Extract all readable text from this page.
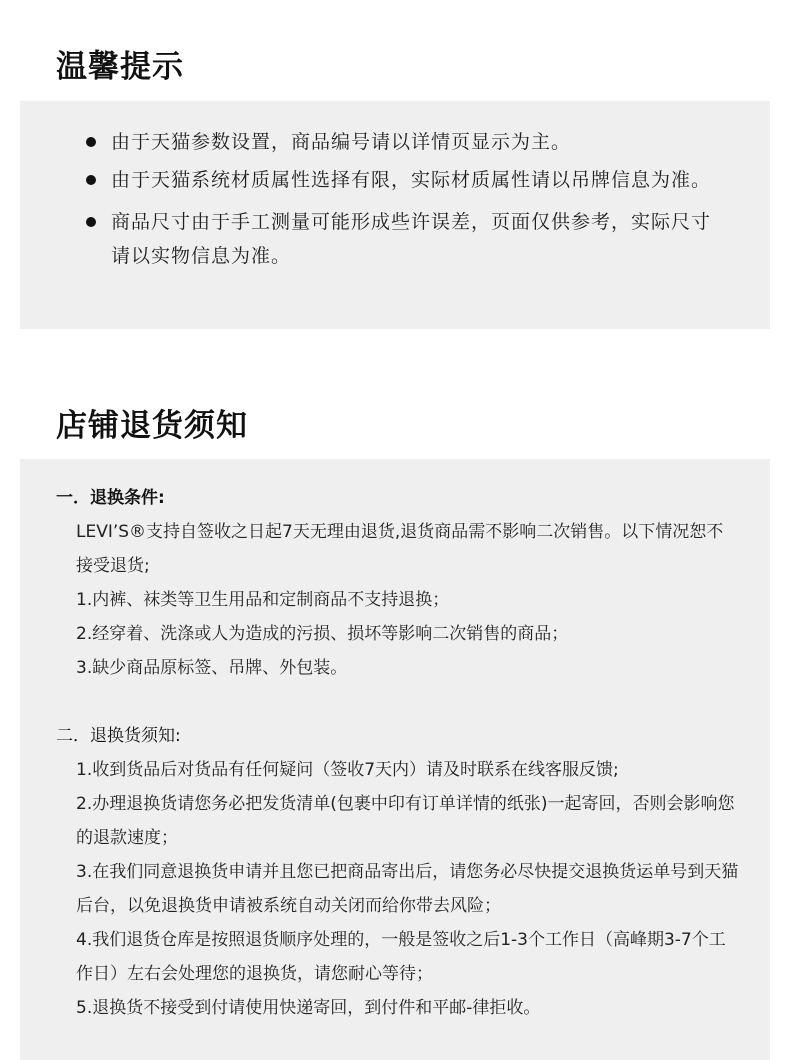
温馨提示
由于天猫参数设置，商品编号请以详情页显示为主。
由于天猫系统材质属性选择有限，实际材质属性请以吊牌信息为准。
商品尺寸由于手工测量可能形成些许误差，页面仅供参考，实际尺寸请以实物信息为准。
店铺退货须知

一．退换条件:

LEVI’S®支持自签收之日起7天无理由退货,退货商品需不影响二次销售。以下情况恕不接受退货;

1.内裤、袜类等卫生用品和定制商品不支持退换；

2.经穿着、洗涤或人为造成的污损、损坏等影响二次销售的商品；

3.缺少商品原标签、吊牌、外包装。

二．退换货须知:

1.收到货品后对货品有任何疑问（签收7天内）请及时联系在线客服反馈;

2.办理退换货请您务必把发货清单(包裹中印有订单详情的纸张)一起寄回，否则会影响您的退款速度；

3.在我们同意退换货申请并且您已把商品寄出后，请您务必尽快提交退换货运单号到天猫后台，以免退换货申请被系统自动关闭而给你带去风险；

4.我们退货仓库是按照退货顺序处理的，一般是签收之后1-3个工作日（高峰期3-7个工作日）左右会处理您的退换货，请您耐心等待；

5.退换货不接受到付请使用快递寄回，到付件和平邮-律拒收。
